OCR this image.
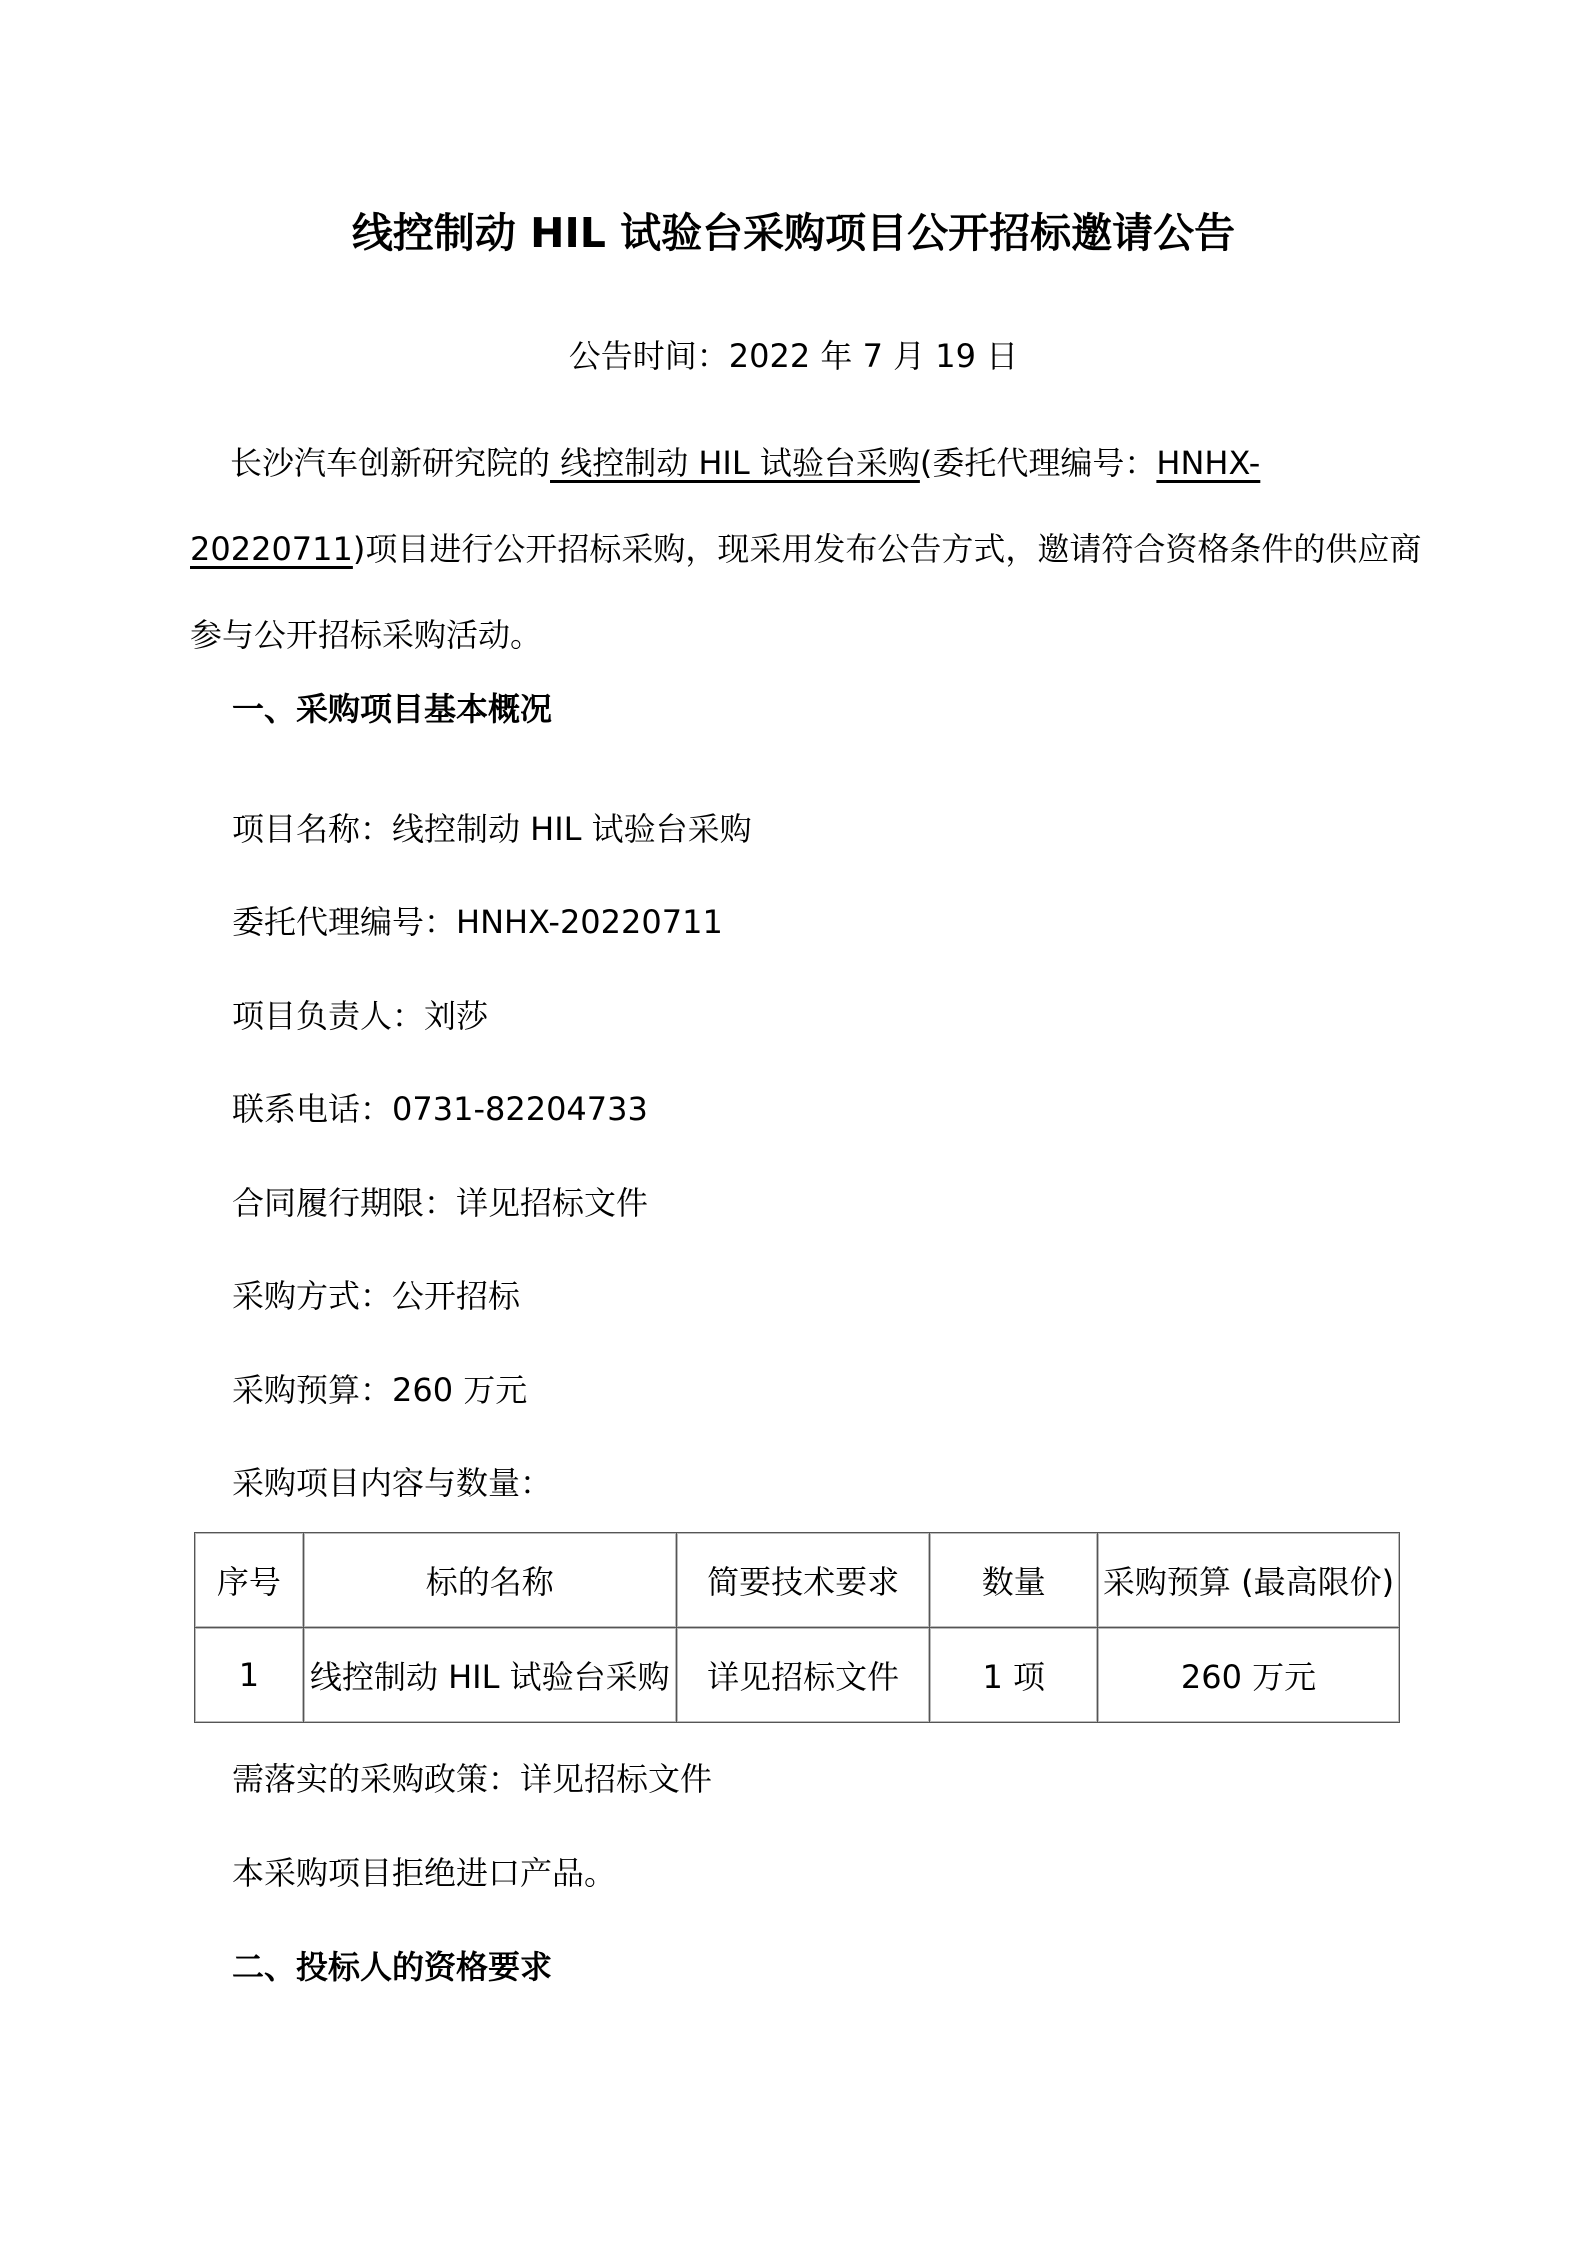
线控制动 HIL 试验台采购项目公开招标邀请公告
公告时间：2022 年 7 月 19 日

长沙汽车创新研究院的 线控制动 HIL 试验台采购(委托代理编号：HNHX-20220711)项目进行公开招标采购，现采用发布公告方式，邀请符合资格条件的供应商参与公开招标采购活动。

一、采购项目基本概况

项目名称：线控制动 HIL 试验台采购

委托代理编号：HNHX-20220711

项目负责人：刘莎

联系电话：0731-82204733

合同履行期限：详见招标文件

采购方式：公开招标

采购预算：260 万元

采购项目内容与数量：

序号	标的名称	简要技术要求	数量	采购预算 (最高限价)
1	线控制动 HIL 试验台采购	详见招标文件	1 项	260 万元

需落实的采购政策：详见招标文件

本采购项目拒绝进口产品。

二、投标人的资格要求
